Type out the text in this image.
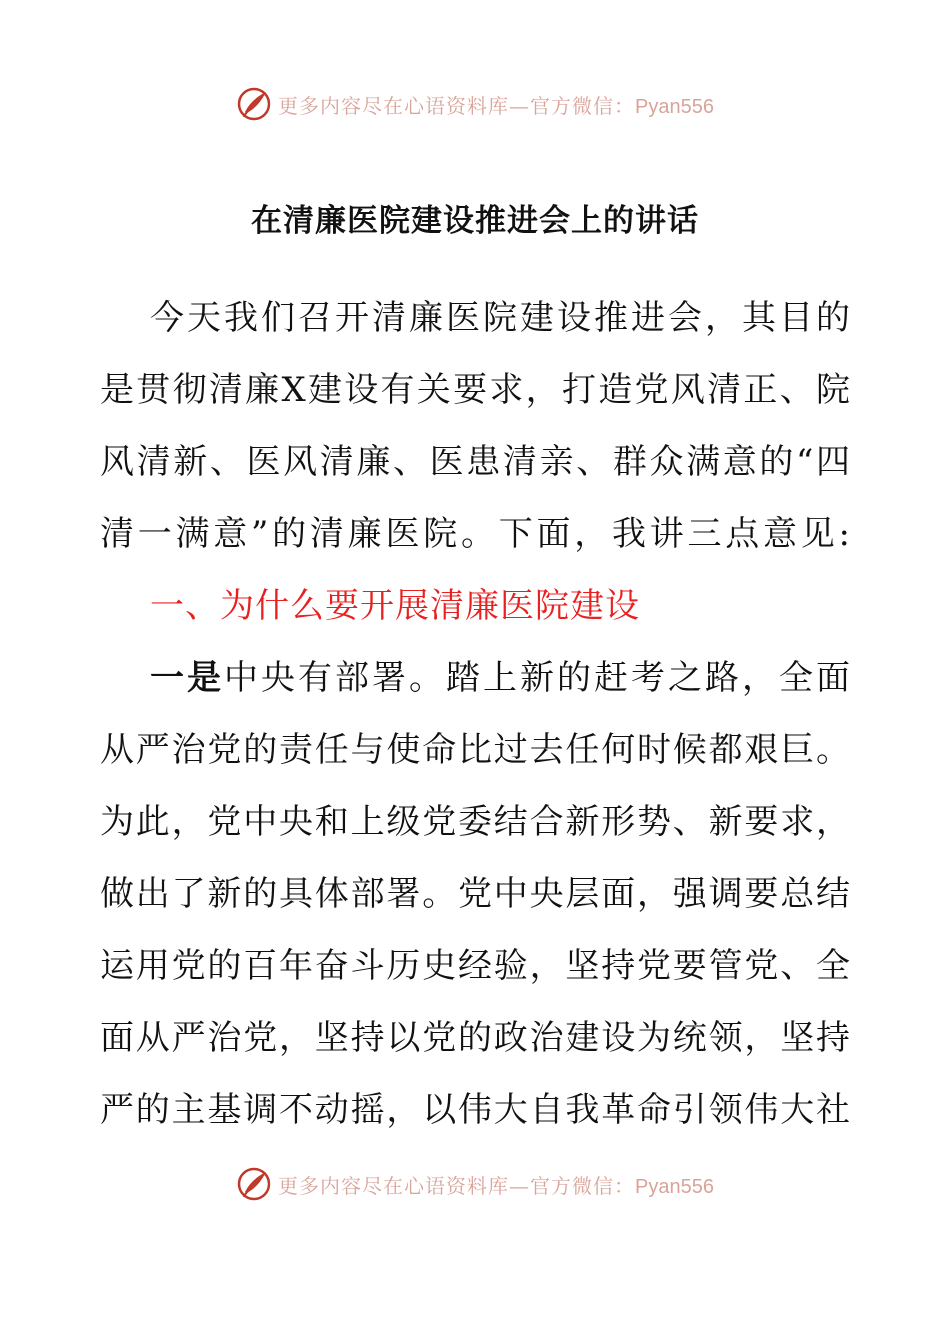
更多内容尽在心语资料库—官方微信：Pyan556
在清廉医院建设推进会上的讲话
今天我们召开清廉医院建设推进会，其目的
是贯彻清廉X建设有关要求，打造党风清正、院
风清新、医风清廉、医患清亲、群众满意的“四
清一满意”的清廉医院。下面，我讲三点意见:
一、为什么要开展清廉医院建设
一是中央有部署。踏上新的赶考之路，全面
从严治党的责任与使命比过去任何时候都艰巨。
为此，党中央和上级党委结合新形势、新要求，
做出了新的具体部署。党中央层面，强调要总结
运用党的百年奋斗历史经验，坚持党要管党、全
面从严治党，坚持以党的政治建设为统领，坚持
严的主基调不动摇，以伟大自我革命引领伟大社
更多内容尽在心语资料库—官方微信：Pyan556
